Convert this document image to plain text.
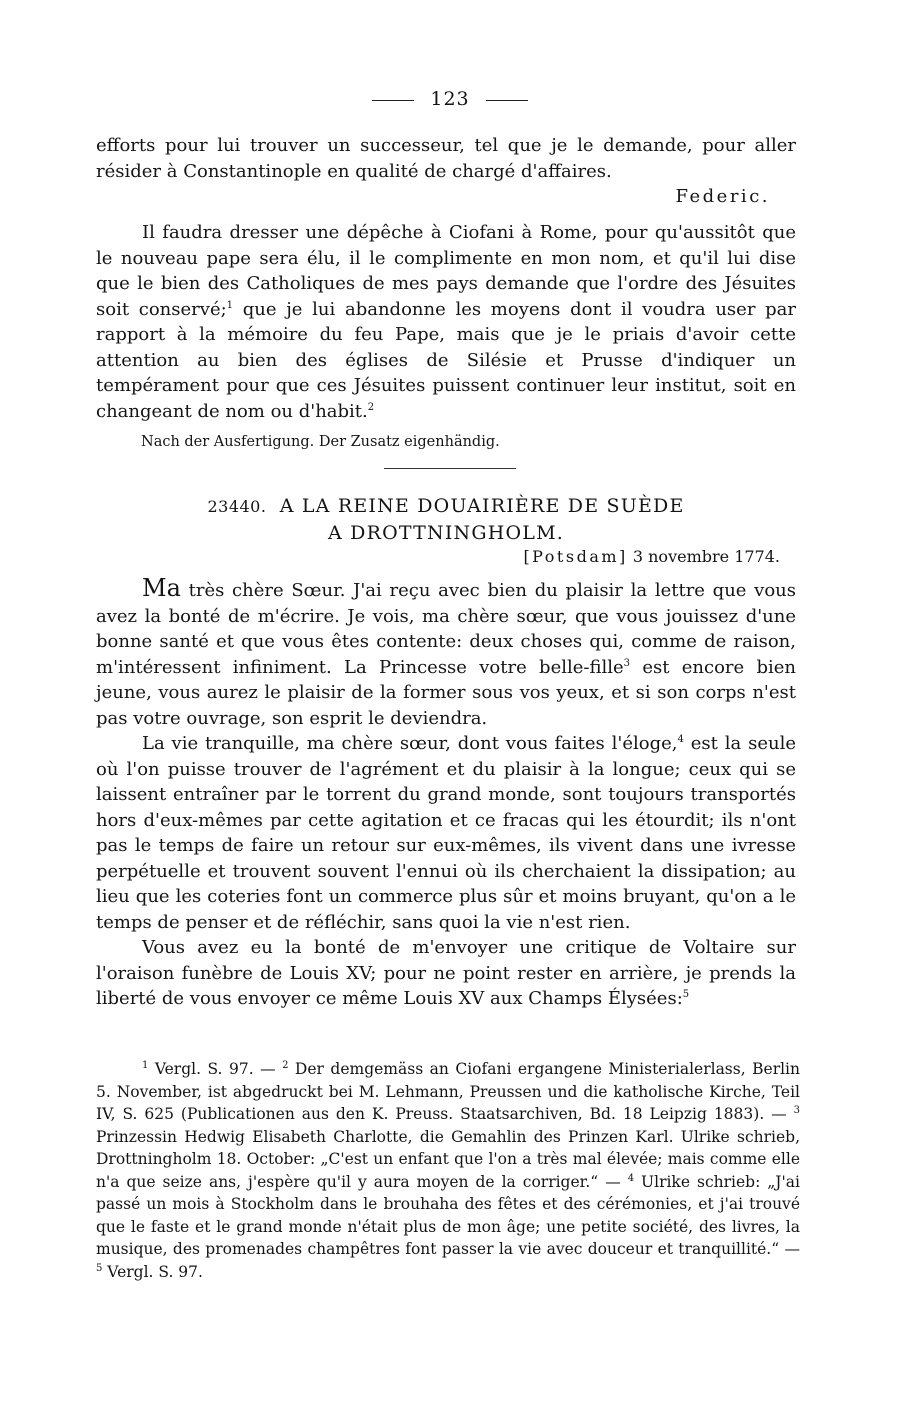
123

efforts pour lui trouver un successeur, tel que je le demande, pour aller résider à Constantinople en qualité de chargé d'affaires.

Federic.

Il faudra dresser une dépêche à Ciofani à Rome, pour qu'aussitôt que le nouveau pape sera élu, il le complimente en mon nom, et qu'il lui dise que le bien des Catholiques de mes pays demande que l'ordre des Jésuites soit conservé;$^1$ que je lui abandonne les moyens dont il voudra user par rapport à la mémoire du feu Pape, mais que je le priais d'avoir cette attention au bien des églises de Silésie et Prusse d'indiquer un tempérament pour que ces Jésuites puissent continuer leur institut, soit en changeant de nom ou d'habit.$^2$

Nach der Ausfertigung. Der Zusatz eigenhändig.
23440. A LA REINE DOUAIRIÈRE DE SUÈDE
A DROTTNINGHOLM.
[Potsdam] 3 novembre 1774.

Ma très chère Sœur. J'ai reçu avec bien du plaisir la lettre que vous avez la bonté de m'écrire. Je vois, ma chère sœur, que vous jouissez d'une bonne santé et que vous êtes contente: deux choses qui, comme de raison, m'intéressent infiniment. La Princesse votre belle-fille$^3$ est encore bien jeune, vous aurez le plaisir de la former sous vos yeux, et si son corps n'est pas votre ouvrage, son esprit le deviendra.

La vie tranquille, ma chère sœur, dont vous faites l'éloge,$^4$ est la seule où l'on puisse trouver de l'agrément et du plaisir à la longue; ceux qui se laissent entraîner par le torrent du grand monde, sont toujours transportés hors d'eux-mêmes par cette agitation et ce fracas qui les étourdit; ils n'ont pas le temps de faire un retour sur eux-mêmes, ils vivent dans une ivresse perpétuelle et trouvent souvent l'ennui où ils cherchaient la dissipation; au lieu que les coteries font un commerce plus sûr et moins bruyant, qu'on a le temps de penser et de réfléchir, sans quoi la vie n'est rien.

Vous avez eu la bonté de m'envoyer une critique de Voltaire sur l'oraison funèbre de Louis XV; pour ne point rester en arrière, je prends la liberté de vous envoyer ce même Louis XV aux Champs Élysées:$^5$

$^1$ Vergl. S. 97. — $^2$ Der demgemäss an Ciofani ergangene Ministerialerlass, Berlin 5. November, ist abgedruckt bei M. Lehmann, Preussen und die katholische Kirche, Teil IV, S. 625 (Publicationen aus den K. Preuss. Staatsarchiven, Bd. 18 Leipzig 1883). — $^3$ Prinzessin Hedwig Elisabeth Charlotte, die Gemahlin des Prinzen Karl. Ulrike schrieb, Drottningholm 18. October: „C'est un enfant que l'on a très mal élevée; mais comme elle n'a que seize ans, j'espère qu'il y aura moyen de la corriger.“ — $^4$ Ulrike schrieb: „J'ai passé un mois à Stockholm dans le brouhaha des fêtes et des cérémonies, et j'ai trouvé que le faste et le grand monde n'était plus de mon âge; une petite société, des livres, la musique, des promenades champêtres font passer la vie avec douceur et tranquillité.“ — $^5$ Vergl. S. 97.
